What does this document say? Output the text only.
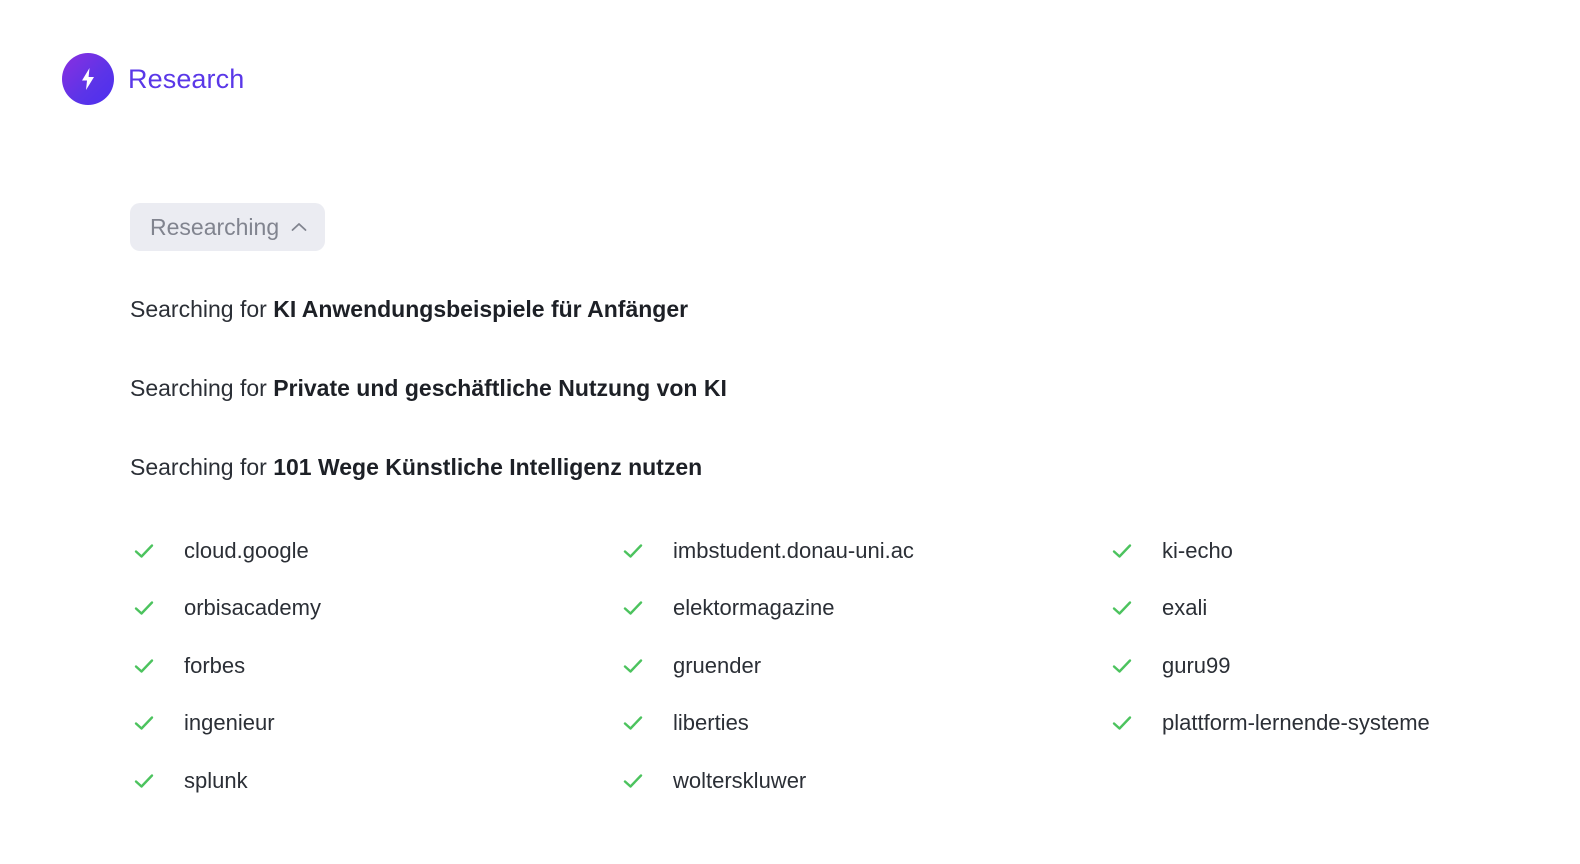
Research
Researching
Searching for KI Anwendungsbeispiele für Anfänger
Searching for Private und geschäftliche Nutzung von KI
Searching for 101 Wege Künstliche Intelligenz nutzen
cloud.google
orbisacademy
forbes
ingenieur
splunk
imbstudent.donau-uni.ac
elektormagazine
gruender
liberties
wolterskluwer
ki-echo
exali
guru99
plattform-lernende-systeme
